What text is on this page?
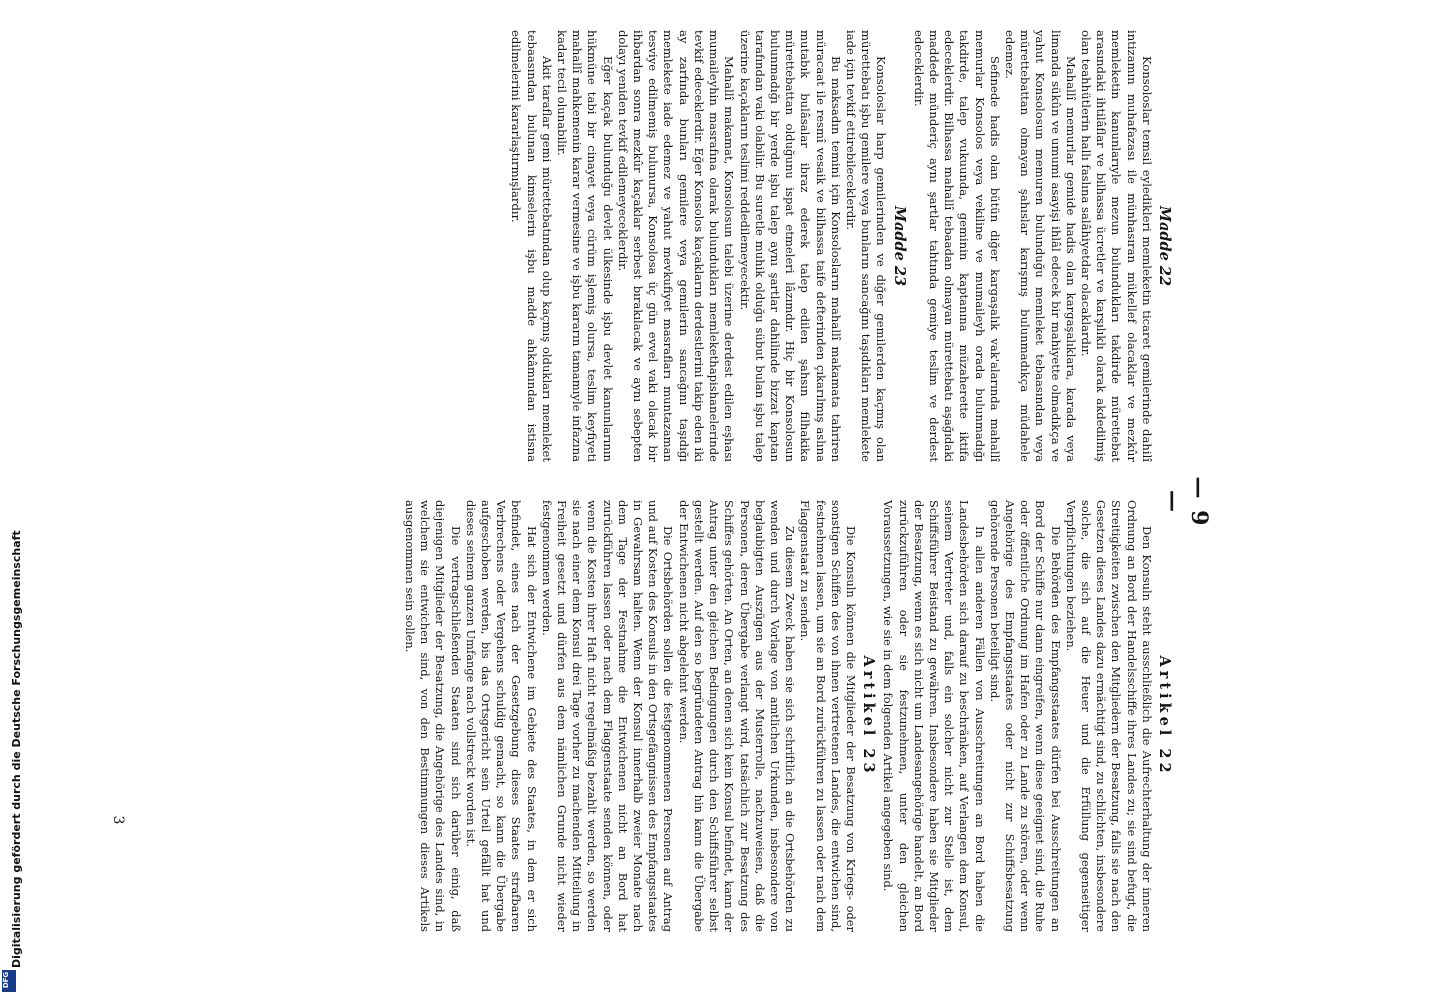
Digitalisierung gefördert durch die Deutsche Forschungsgemeinschaft
DFG
— 9 —
Madde 22

Konsoloslar temsil eyledikleri memleketin ticaret gemilerinde dahilî intizamın muhafazası ile münhasıran mükellef olacaklar ve mezkûr memleketin kanunlarıyle mezun bulundukları takdirde mürettebat arasındaki ihtilâflar ve bilhassa ücretler ve karşılıklı olarak akdedilmiş olan teahhütlerin hallı faslına salâhiyetdar olacaklardır.

Mahallî memurlar gemide hadis olan kargaşalıklara, karada veya limanda sükûn ve umumi asayişi ihlâl edecek bir mahiyette olmadıkça ve yahut Konsolosun memuren bulunduğu memleket tebaasından veya mürettebattan olmayan şahıslar karışmış bulunmadıkça müdahele edemez.

Sefinede hadis olan bütün diğer kargaşalık vak'alarında mahallî memurlar Konsolos veya vekiline ve mumaileyh orada bulunmadığı takdirde, talep vukuunda, geminin kaptanına müzaherette iktifa edeceklerdir. Bilhassa mahallî tebaadan olmayan mürettebatı aşağıdaki maddede münderiç aynı şartlar tahtında gemiye teslim ve derdest edeceklerdir.

Madde 23

Konsoloslar harp gemilerinden ve diğer gemilerden kaçmış olan mürettebatı işbu gemilere veya bunların sancağını taşıdıkları memlekete iade için tevkif ettirebileceklerdir.

Bu maksadın temini için Konsolosların mahallî makamata tahriren müracaat ile resmî vesaik ve bilhassa taife defterinden çıkarılmış aslına mutabık bulâsalar ibraz ederek talep edilen şahsın filhakika mürettebattan olduğunu ispat etmeleri lâzımdır. Hiç bir Konsolosun bulunmadığı bir yerde işbu talep aynı şartlar dahilinde bizzat kaptan tarafından vaki olabilir. Bu suretle muhik olduğu sübut bulan işbu talep üzerine kaçakların teslimi reddedilemeyecektir.

Mahallî makamat, Konsolosun talebi üzerine derdest edilen eşhası mumaileyhin masrafına olarak bulundukları memlekethapishanelerinde tevkif edeceklerdir. Eğer Konsolos kaçakların derdestlerini takip eden iki ay zarfında bunları gemilere veya gemilerin sancağını taşıdığı memlekete iade edemez ve yahut mevkufiyet masrafları muntazaman tesviye edilmemiş bulunursa, Konsolosa üç gün evvel vaki olacak bir ihbardan sonra mezkûr kaçaklar serbest bırakılacak ve aynı sebepten dolayı yeniden tevkif edilemeyeceklerdir.

Eğer kaçak bulunduğu devlet ülkesinde işbu devlet kanunlarının hükmüne tabi bir cinayet veya cürüm işlemiş olursa, teslim keyfiyeti mahallî mahkemenin karar vermesine ve işbu kararın tamamıyle infazına kadar tecil olunabilir.

Akit taraflar gemi mürettebatından olup kaçmış oldukları memleket tebaasından bulunan kimselerin işbu madde ahkâmından istisna edilmelerini kararlaştırmışlardır.

Artikel 22

Den Konsuln steht ausschließlich die Aufrechterhaltung der inneren Ordnung an Bord der Handelsschiffe ihres Landes zu; sie sind befugt, die Streitigkeiten zwischen den Mitgliedern der Besatzung, falls sie nach den Gesetzen dieses Landes dazu ermächtigt sind, zu schlichten, insbesondere solche, die sich auf die Heuer und die Erfüllung gegenseitiger Verpflichtungen beziehen.

Die Behörden des Empfangsstaates dürfen bei Ausschreitungen an Bord der Schiffe nur dann eingreifen, wenn diese geeignet sind, die Ruhe oder öffentliche Ordnung im Hafen oder zu Lande zu stören, oder wenn Angehörige des Empfangsstaates oder nicht zur Schiffsbesatzung gehörende Personen beteiligt sind.

In allen anderen Fällen von Ausschreitungen an Bord haben die Landesbehörden sich darauf zu beschränken, auf Verlangen dem Konsul, seinem Vertreter und, falls ein solcher nicht zur Stelle ist, dem Schiffsführer Beistand zu gewähren. Insbesondere haben sie Mitglieder der Besatzung, wenn es sich nicht um Landesangehörige handelt, an Bord zurückzuführen oder sie festzunehmen, unter den gleichen Voraussetzungen, wie sie in dem folgenden Artikel angegeben sind.

Artikel 23

Die Konsuln können die Mitglieder der Besatzung von Kriegs- oder sonstigen Schiffen des von ihnen vertretenen Landes, die entwichen sind, festnehmen lassen, um sie an Bord zurückführen zu lassen oder nach dem Flaggenstaat zu senden.

Zu diesem Zweck haben sie sich schriftlich an die Ortsbehörden zu wenden und durch Vorlage von amtlichen Urkunden, insbesondere von beglaubigten Auszügen aus der Musterrolle, nachzuweisen, daß die Personen, deren Übergabe verlangt wird, tatsächlich zur Besatzung des Schiffes gehörten. An Orten, an denen sich kein Konsul befindet, kann der Antrag unter den gleichen Bedingungen durch den Schiffsführer selbst gestellt werden. Auf den so begründeten Antrag hin kann die Übergabe der Entwichenen nicht abgelehnt werden.

Die Ortsbehörden sollen die festgenommenen Personen auf Antrag und auf Kosten des Konsuls in den Ortsgefängnissen des Empfangsstaates in Gewahrsam halten. Wenn der Konsul innerhalb zweier Monate nach dem Tage der Festnahme die Entwichenen nicht an Bord hat zurückführen lassen oder nach dem Flaggenstaate senden können, oder wenn die Kosten ihrer Haft nicht regelmäßig bezahlt werden, so werden sie nach einer dem Konsul drei Tage vorher zu machenden Mitteilung in Freiheit gesetzt und dürfen aus dem nämlichen Grunde nicht wieder festgenommen werden.

Hat sich der Entwichene im Gebiete des Staates, in dem er sich befindet, eines nach der Gesetzgebung dieses Staates strafbaren Verbrechens oder Vergehens schuldig gemacht, so kann die Übergabe aufgeschoben werden, bis das Ortsgericht sein Urteil gefällt hat und dieses seinem ganzen Umfange nach vollstreckt worden ist.

Die vertragschließenden Staaten sind sich darüber einig, daß diejenigen Mitglieder der Besatzung, die Angehörige des Landes sind, in welchem sie entwichen sind, von den Bestimmungen dieses Artikels ausgenommen sein sollen.

3
